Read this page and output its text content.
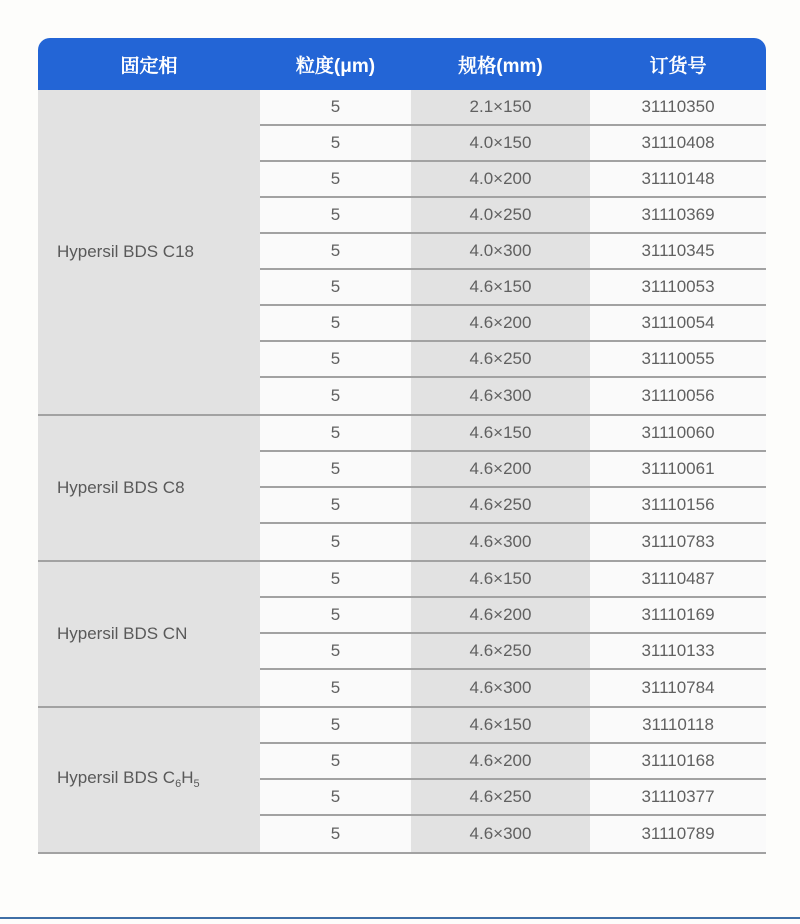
固定相	粒度(μm)	规格(mm)	订货号
Hypersil BDS C18
5	2.1×150	31110350
5	4.0×150	31110408
5	4.0×200	31110148
5	4.0×250	31110369
5	4.0×300	31110345
5	4.6×150	31110053
5	4.6×200	31110054
5	4.6×250	31110055
5	4.6×300	31110056
Hypersil BDS C8
5	4.6×150	31110060
5	4.6×200	31110061
5	4.6×250	31110156
5	4.6×300	31110783
Hypersil BDS CN
5	4.6×150	31110487
5	4.6×200	31110169
5	4.6×250	31110133
5	4.6×300	31110784
Hypersil BDS $C_6H_5$
5	4.6×150	31110118
5	4.6×200	31110168
5	4.6×250	31110377
5	4.6×300	31110789
